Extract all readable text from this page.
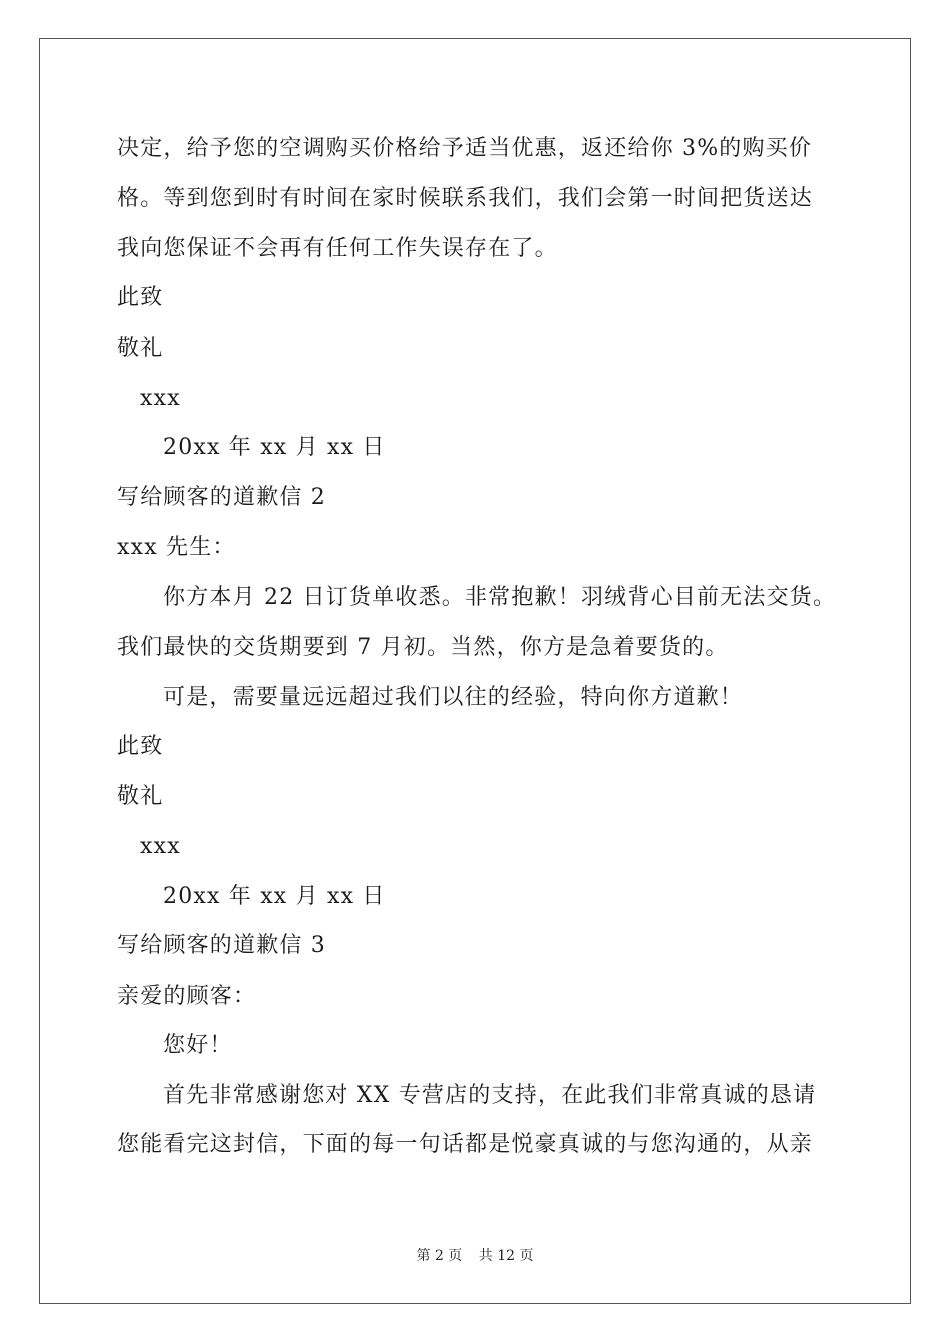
决定，给予您的空调购买价格给予适当优惠，返还给你 3%的购买价
格。等到您到时有时间在家时候联系我们，我们会第一时间把货送达
我向您保证不会再有任何工作失误存在了。
此致
敬礼
xxx
20xx 年 xx 月 xx 日
写给顾客的道歉信 2
xxx 先生：
你方本月 22 日订货单收悉。非常抱歉！羽绒背心目前无法交货。
我们最快的交货期要到 7 月初。当然，你方是急着要货的。
可是，需要量远远超过我们以往的经验，特向你方道歉！
此致
敬礼
xxx
20xx 年 xx 月 xx 日
写给顾客的道歉信 3
亲爱的顾客：
您好！
首先非常感谢您对 XX 专营店的支持，在此我们非常真诚的恳请
您能看完这封信，下面的每一句话都是悦豪真诚的与您沟通的，从亲
第 2 页 共 12 页
